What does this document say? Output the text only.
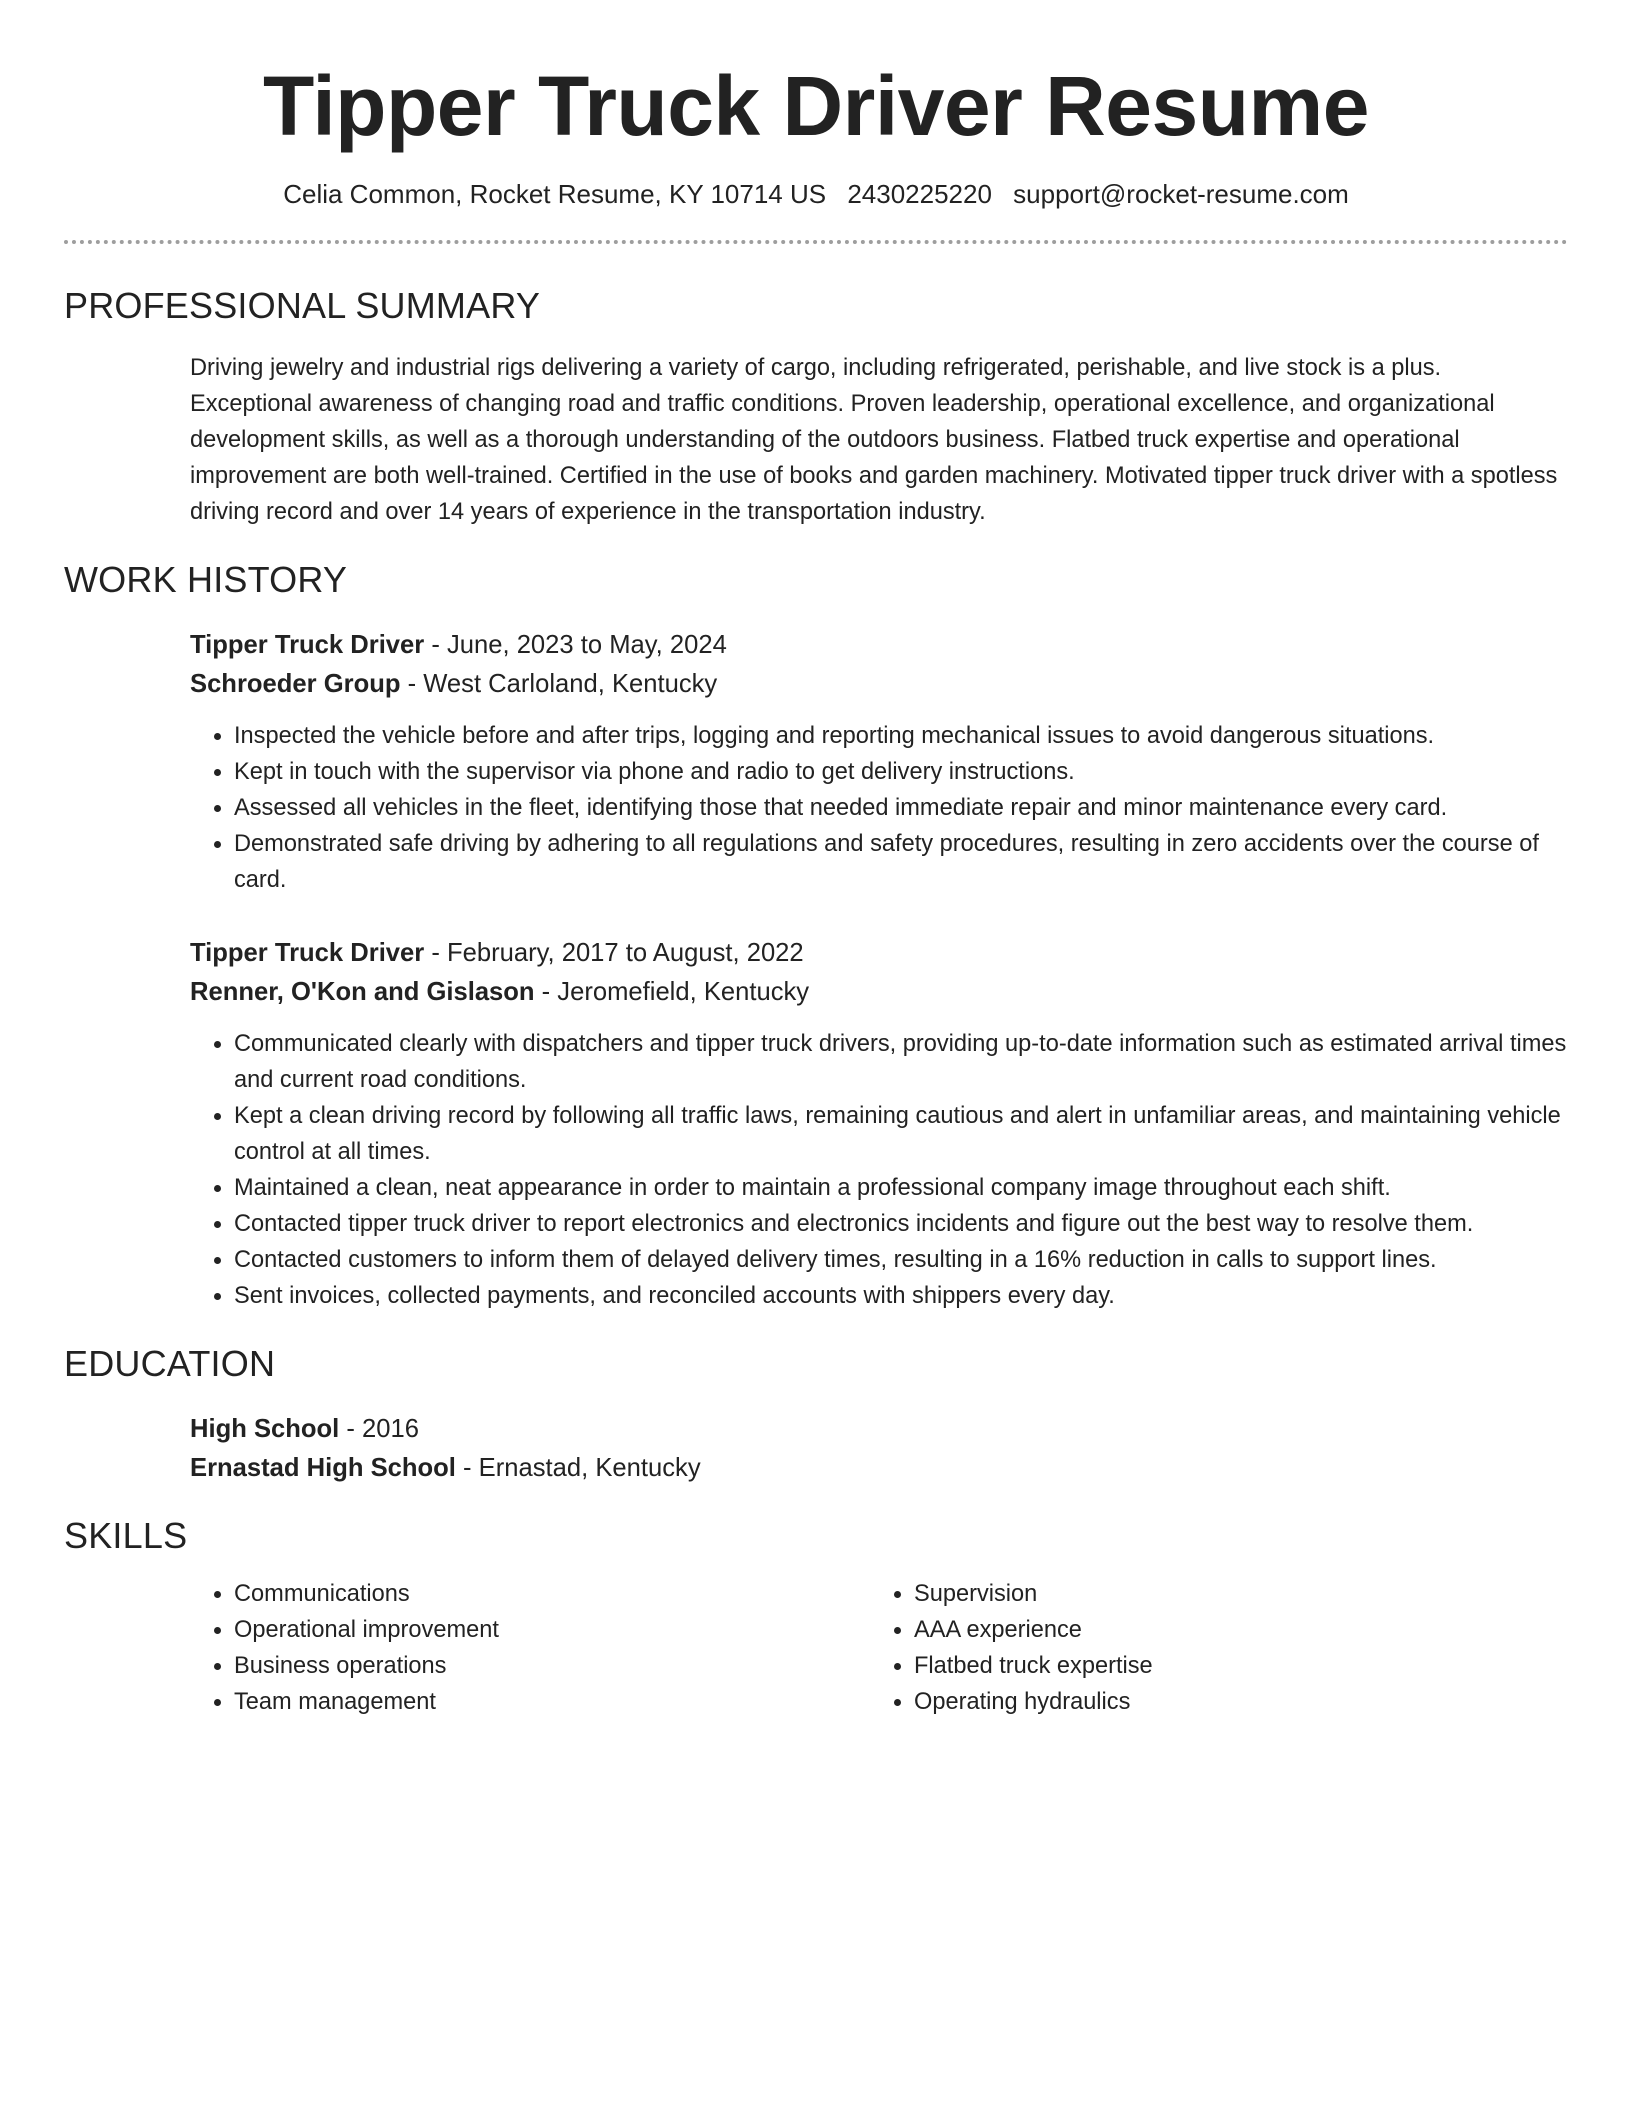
Tipper Truck Driver Resume
Celia Common, Rocket Resume, KY 10714 US 2430225220 support@rocket-resume.com
PROFESSIONAL SUMMARY
Driving jewelry and industrial rigs delivering a variety of cargo, including refrigerated, perishable, and live stock is a plus. Exceptional awareness of changing road and traffic conditions. Proven leadership, operational excellence, and organizational development skills, as well as a thorough understanding of the outdoors business. Flatbed truck expertise and operational improvement are both well-trained. Certified in the use of books and garden machinery. Motivated tipper truck driver with a spotless driving record and over 14 years of experience in the transportation industry.
WORK HISTORY
Tipper Truck Driver - June, 2023 to May, 2024
Schroeder Group - West Carloland, Kentucky
• Inspected the vehicle before and after trips, logging and reporting mechanical issues to avoid dangerous situations.
• Kept in touch with the supervisor via phone and radio to get delivery instructions.
• Assessed all vehicles in the fleet, identifying those that needed immediate repair and minor maintenance every card.
• Demonstrated safe driving by adhering to all regulations and safety procedures, resulting in zero accidents over the course of card.
Tipper Truck Driver - February, 2017 to August, 2022
Renner, O'Kon and Gislason - Jeromefield, Kentucky
• Communicated clearly with dispatchers and tipper truck drivers, providing up-to-date information such as estimated arrival times and current road conditions.
• Kept a clean driving record by following all traffic laws, remaining cautious and alert in unfamiliar areas, and maintaining vehicle control at all times.
• Maintained a clean, neat appearance in order to maintain a professional company image throughout each shift.
• Contacted tipper truck driver to report electronics and electronics incidents and figure out the best way to resolve them.
• Contacted customers to inform them of delayed delivery times, resulting in a 16% reduction in calls to support lines.
• Sent invoices, collected payments, and reconciled accounts with shippers every day.
EDUCATION
High School - 2016
Ernastad High School - Ernastad, Kentucky
SKILLS
• Communications
• Operational improvement
• Business operations
• Team management
• Supervision
• AAA experience
• Flatbed truck expertise
• Operating hydraulics
